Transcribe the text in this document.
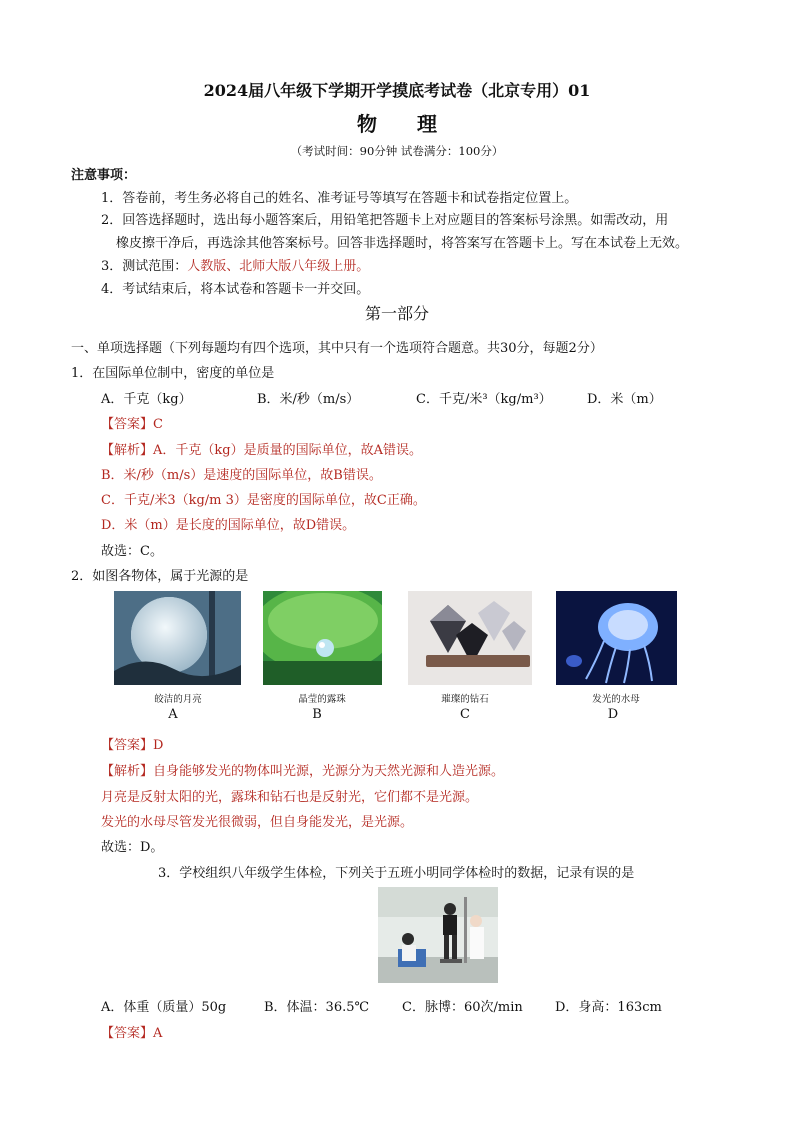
2024届八年级下学期开学摸底考试卷（北京专用）01
物理
（考试时间：90分钟 试卷满分：100分）
注意事项：
1．答卷前，考生务必将自己的姓名、准考证号等填写在答题卡和试卷指定位置上。
2．回答选择题时，选出每小题答案后，用铅笔把答题卡上对应题目的答案标号涂黑。如需改动，用
橡皮擦干净后，再选涂其他答案标号。回答非选择题时，将答案写在答题卡上。写在本试卷上无效。
3．测试范围：人教版、北师大版八年级上册。
4．考试结束后，将本试卷和答题卡一并交回。
第一部分
一、单项选择题（下列每题均有四个选项，其中只有一个选项符合题意。共30分，每题2分）
1．在国际单位制中，密度的单位是
A．千克（kg）	B．米/秒（m/s）	C．千克/米³（kg/m³）	D．米（m）
【答案】C
【解析】A．千克（kg）是质量的国际单位，故A错误。
B．米/秒（m/s）是速度的国际单位，故B错误。
C．千克/米3（kg/m 3）是密度的国际单位，故C正确。
D．米（m）是长度的国际单位，故D错误。
故选：C。
2．如图各物体，属于光源的是
皎洁的月亮
A
晶莹的露珠
B
璀璨的钻石
C
发光的水母
D
【答案】D
【解析】自身能够发光的物体叫光源，光源分为天然光源和人造光源。
月亮是反射太阳的光，露珠和钻石也是反射光，它们都不是光源。
发光的水母尽管发光很微弱，但自身能发光，是光源。
故选：D。
3．学校组织八年级学生体检，下列关于五班小明同学体检时的数据，记录有误的是
A．体重（质量）50g	B．体温：36.5℃	C．脉博：60次/min D．身高：163cm
【答案】A
